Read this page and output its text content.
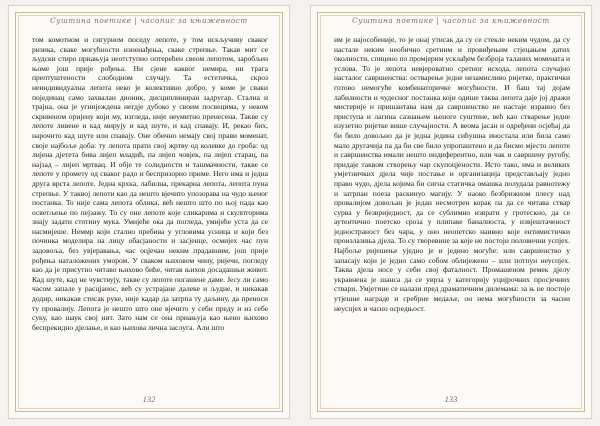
Суштина поетике | часопис за књижевност
том комотном и сигурном поседу лепоте, у том искључиву сваког ризика, сваке могућности изненађења, сваке стрепње. Такав мит се људски стиро приањуја неотступно оптерећен свеом лепотом, заробљен њоме још прије рођења. Ни сјене каквог немира, ни трага прептуштености слободном случају. Та естетичка, скроз неиндивидуална лепота неко је колективно добро, у коме је сваки појединац само захвалан дионик, дисциплиниран задругар. Сталиа и трајна, она је угнијеждена негдје дубоко у своим посвецима, у неком скривеном оријену који му, изгледа, није неумитно пренесена. Такве су лепоте ливене и кад мирују и кад шуте, и кад спавају. И, рекао бих, нарочито кад шуте или спавају. Оне обично немају свој прави моменат, своје најбоље доба: ту лепота прати свој жртву од колевке до гроба: од лијена дјетета бива лијеп младић, па лијеп човјек, па лијеп старац, па најзад – лијеп мртвац. И обје те солидности и ташмачности, такве се лепоте у промету од сваког радо и беспризорно приме. Него има и једна друга врста лепоте. Једна крхка, лабилна, прекарна лепота, лепота пуна стрепње. У таквој лепоти као да нешто вјечито упозорава на чудо њеног постанка. То није сама лепота облика, већ нешто што по њој пада као осветљење по пејзажу. То су оне лепоте које сликарима и скулпторима знају задати стотину мука. Умијеће ока да погледа, умијеће уста да се насмијеше. Неммр који стално пребива у угловима усница и који без починка моделира на лицу обасјаности и засјенце, осмијех час пун задовоља, без увјеравања, час оцјечан неким прадавним, још прије рођења наталожених умором. У сваком њиховом чину, ријечи, погледу као да је присутно читаво њихово биће, читав њихов досадашњи живот. Кад шуте, кад не чувствују, такве су лепоте погашене даме. Јесу ли само часом запале у расцјанос, већ су устрајане далеке и људне, и никакав додир, никакав стисак руке, није кадар да затрпа ту даљину, да преноси ту провалију. Лепота је нешто што оне вјечито у себи преду и из себе суку, као шаук свој нит. Зато нам се она приањуја као њено њихово беспрекидно дјелање, и као њихова лична заслуга. Али што
132
Суштина поетике | часопис за књижевност
им је најособеније, то је онај утисак да су се стекле неким чудом, да су настале неким необично сретним и провиђењим стјецањем датих околности, спицено по промјерим усклађем безброја таланих момената и услова. То је лепота невјероватно сретног исхода, лепота случајно насталог савршенства: остварење једне незамисливо ријетке, практички готово немогуће комбинаторичке могућности. И баш тај дојам лабилности и чудесног постанка који одише таква лепота даје јој дражи мистерије и пришантава нам да савршенство не настаје изравно без приступа и лагина сазнањем њеноге суштине, већ као стварење једне изузетно ријетке више случајности. А веома јасан и одређени осјећај да би било довољно да је једна једина сићушна иностала или била само мало другачија па да би све било упропаштено и да бисмо мјесто лепоте и савршенства имали нешто индиферентно, или чак и савршену ругобу, придаје таквом створењу чар скупоцјености. Исто тако, има и великих умјетничких дјела чије постање и организација представљају једно право чудо, дјела којима би сигна статичка омашка полудала равнотежу и затрпан поеза раскинуо магију. У наоко безбрижном плесу над провалијом довољан је један несмотрен корак па да се читава ствар сурва у безвриједност, да се сублимно изврати у гротескно, да се аутентично поетско сроза у плипаке баналноста, у извјештаченост једностраност без чара, у оно неопетско наивно које ентимистички произлазиња дјела. То су творевине за које не постоји половични успјех. Најбоље ријешење уједно је и једино могуће: или савршенство у запасају који је једно само собом облијежено – или потпун неуспјех. Таква дјела носе у себи свој фаталност. Промашеном ремек дјелу укравнена је шанса да се уврза у категорију уцијрочних просјечних ствари. Умјетине се налази пред драматичним дилемама: за њ не постоје утјешне награде и сребрне медаље, он нема могућности за часни неуспјех и часно осредњост.
133
